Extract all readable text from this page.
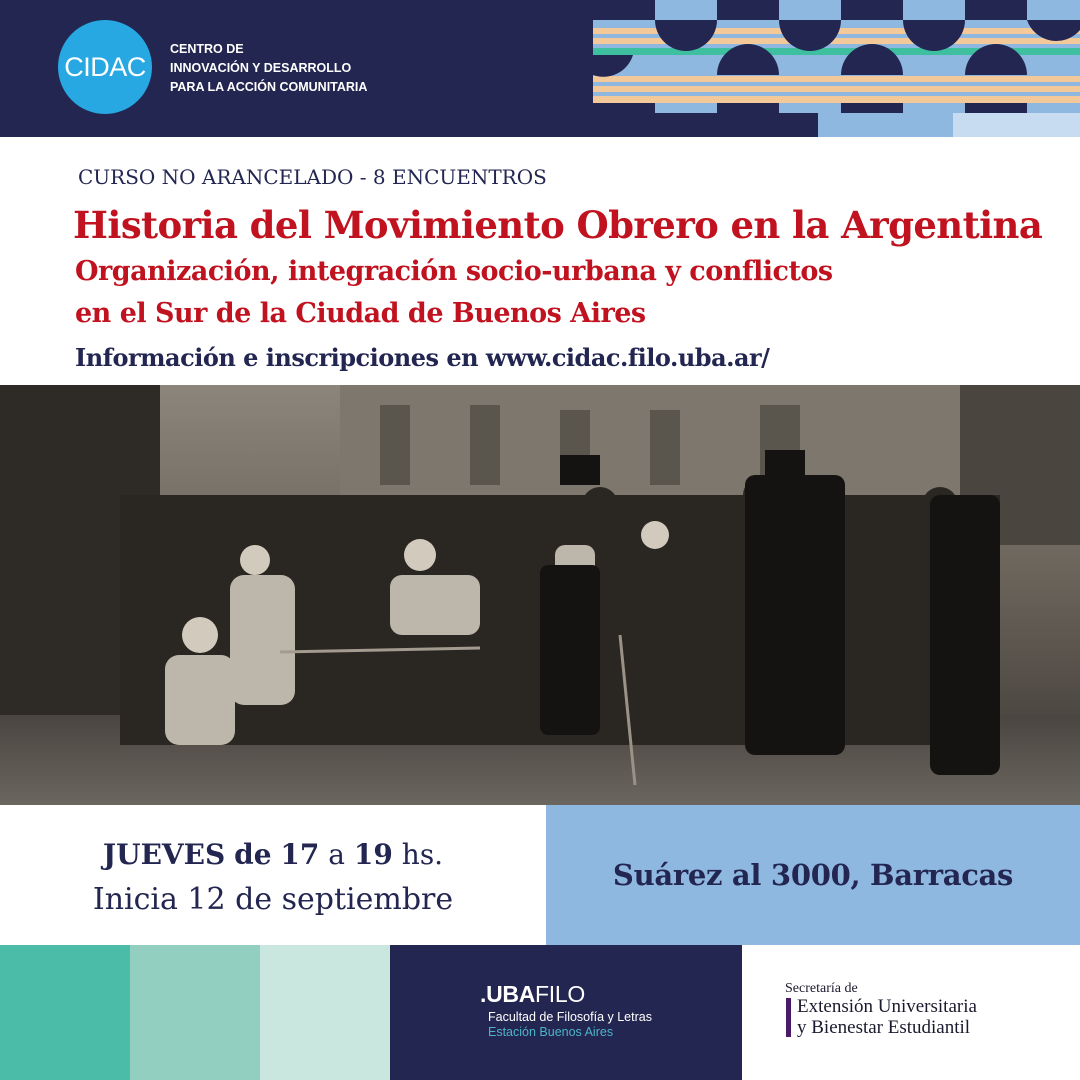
CIDAC
CENTRO DE
INNOVACIÓN Y DESARROLLO
PARA LA ACCIÓN COMUNITARIA
CURSO NO ARANCELADO - 8 ENCUENTROS
Historia del Movimiento Obrero en la Argentina
Organización, integración socio-urbana y conflictos
en el Sur de la Ciudad de Buenos Aires
Información e inscripciones en www.cidac.filo.uba.ar/
JUEVES de 17 a 19 hs.
Inicia 12 de septiembre
Suárez al 3000, Barracas
.UBAFILO
Facultad de Filosofía y Letras
Estación Buenos Aires
Secretaría de
Extensión Universitaria
y Bienestar Estudiantil
